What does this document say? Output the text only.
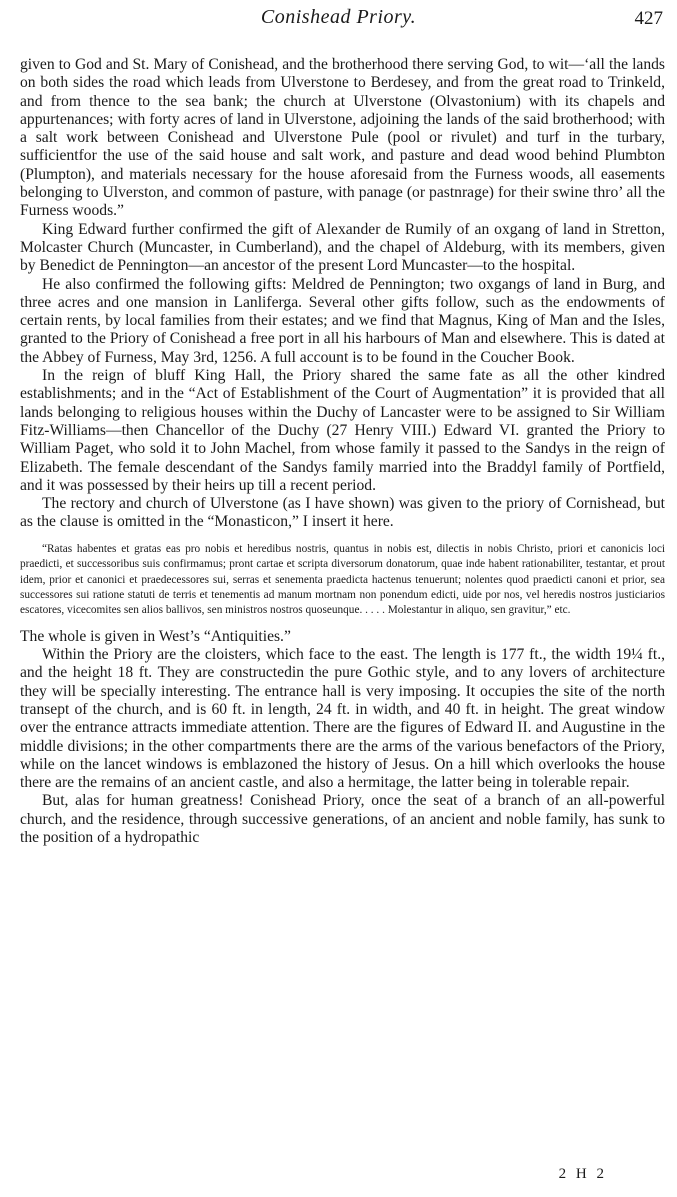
Conishead Priory.	427

given to God and St. Mary of Conishead, and the brotherhood there serving God, to wit—‘all the lands on both sides the road which leads from Ulverstone to Berdesey, and from the great road to Trinkeld, and from thence to the sea bank; the church at Ulverstone (Olvastonium) with its chapels and appurtenances; with forty acres of land in Ulverstone, adjoining the lands of the said brotherhood; with a salt work between Conishead and Ulverstone Pule (pool or rivulet) and turf in the turbary, sufficientfor the use of the said house and salt work, and pasture and dead wood behind Plumbton (Plumpton), and materials necessary for the house aforesaid from the Furness woods, all easements belonging to Ulverston, and common of pasture, with panage (or pastnrage) for their swine thro’ all the Furness woods.”

King Edward further confirmed the gift of Alexander de Rumily of an oxgang of land in Stretton, Molcaster Church (Muncaster, in Cumberland), and the chapel of Aldeburg, with its members, given by Benedict de Pennington—an ancestor of the present Lord Muncaster—to the hospital.

He also confirmed the following gifts: Meldred de Pennington; two oxgangs of land in Burg, and three acres and one mansion in Lanliferga. Several other gifts follow, such as the endowments of certain rents, by local families from their estates; and we find that Magnus, King of Man and the Isles, granted to the Priory of Conishead a free port in all his harbours of Man and elsewhere. This is dated at the Abbey of Furness, May 3rd, 1256. A full account is to be found in the Coucher Book.

In the reign of bluff King Hall, the Priory shared the same fate as all the other kindred establishments; and in the “Act of Establishment of the Court of Augmentation” it is provided that all lands belonging to religious houses within the Duchy of Lancaster were to be assigned to Sir William Fitz-Williams—then Chancellor of the Duchy (27 Henry VIII.) Edward VI. granted the Priory to William Paget, who sold it to John Machel, from whose family it passed to the Sandys in the reign of Elizabeth. The female descendant of the Sandys family married into the Braddyl family of Portfield, and it was possessed by their heirs up till a recent period.

The rectory and church of Ulverstone (as I have shown) was given to the priory of Cornishead, but as the clause is omitted in the “Monasticon,” I insert it here.

“Ratas habentes et gratas eas pro nobis et heredibus nostris, quantus in nobis est, dilectis in nobis Christo, priori et canonicis loci praedicti, et successoribus suis confirmamus; pront cartae et scripta diversorum donatorum, quae inde habent rationabiliter, testantar, et prout idem, prior et canonici et praedecessores sui, serras et senementa praedicta hactenus tenuerunt; nolentes quod praedicti canoni et prior, sea successores sui ratione statuti de terris et tenementis ad manum mortnam non ponendum edicti, uide por nos, vel heredis nostros justiciarios escatores, vicecomites sen alios ballivos, sen ministros nostros quoseunque. . . . . Molestantur in aliquo, sen gravitur,” etc.

The whole is given in West’s “Antiquities.”

Within the Priory are the cloisters, which face to the east. The length is 177 ft., the width 19¼ ft., and the height 18 ft. They are constructedin the pure Gothic style, and to any lovers of architecture they will be specially interesting. The entrance hall is very imposing. It occupies the site of the north transept of the church, and is 60 ft. in length, 24 ft. in width, and 40 ft. in height. The great window over the entrance attracts immediate attention. There are the figures of Edward II. and Augustine in the middle divisions; in the other compartments there are the arms of the various benefactors of the Priory, while on the lancet windows is emblazoned the history of Jesus. On a hill which overlooks the house there are the remains of an ancient castle, and also a hermitage, the latter being in tolerable repair.

But, alas for human greatness! Conishead Priory, once the seat of a branch of an all-powerful church, and the residence, through successive generations, of an ancient and noble family, has sunk to the position of a hydropathic

2 H 2
